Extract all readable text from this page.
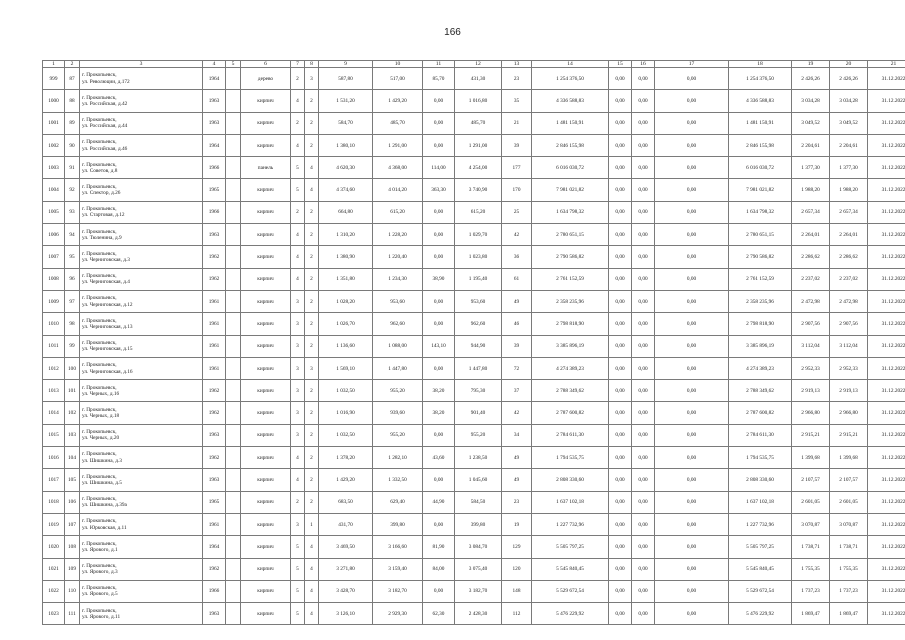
166
1	2	3	4	5	6	7	8	9	10	11	12	13	14	15	16	17	18	19	20	21
999	87	г. Прокопьевск,
ул. Революции, д.172	1964		дерево	2	3	587,80	517,00	85,70	431,30	23	1 254 376,50	0,00	0,00	0,00	1 254 376,50	2 426,26	2 426,26	31.12.2022
1000	88	г. Прокопьевск,
ул. Российская, д.42	1963		кирпич	4	2	1 531,20	1 429,20	0,00	1 016,80	35	4 336 588,83	0,00	0,00	0,00	4 336 588,83	3 034,28	3 034,28	31.12.2022
1001	89	г. Прокопьевск,
ул. Российская, д.44	1963		кирпич	2	2	584,70	485,70	0,00	485,70	21	1 481 150,91	0,00	0,00	0,00	1 481 150,91	3 049,52	3 049,52	31.12.2022
1002	90	г. Прокопьевск,
ул. Российская, д.46	1964		кирпич	4	2	1 380,10	1 291,00	0,00	1 291,00	39	2 846 155,98	0,00	0,00	0,00	2 846 155,98	2 204,61	2 204,61	31.12.2022
1003	91	г. Прокопьевск,
ул. Советов, д.8	1966		панель	5	4	4 620,30	4 368,00	114,00	4 254,00	177	6 016 030,72	0,00	0,00	0,00	6 016 030,72	1 377,30	1 377,30	31.12.2022
1004	92	г. Прокопьевск,
ул. Спектор, д.26	1965		кирпич	5	4	4 374,60	4 014,20	363,30	3 740,90	170	7 981 021,82	0,00	0,00	0,00	7 981 021,82	1 988,20	1 988,20	31.12.2022
1005	93	г. Прокопьевск,
ул. Стартовая, д.12	1966		кирпич	2	2	664,80	615,20	0,00	615,20	25	1 634 798,32	0,00	0,00	0,00	1 634 798,32	2 657,34	2 657,34	31.12.2022
1006	94	г. Прокопьевск,
ул. Тюленина, д.9	1963		кирпич	4	2	1 310,20	1 228,20	0,00	1 029,70	42	2 780 651,15	0,00	0,00	0,00	2 780 651,15	2 264,01	2 264,01	31.12.2022
1007	95	г. Прокопьевск,
ул. Черниговская, д.3	1962		кирпич	4	2	1 380,90	1 220,40	0,00	1 023,80	36	2 790 586,82	0,00	0,00	0,00	2 790 586,82	2 286,62	2 286,62	31.12.2022
1008	96	г. Прокопьевск,
ул. Черниговская, д.4	1962		кирпич	4	2	1 351,80	1 234,30	38,90	1 195,40	61	2 761 152,59	0,00	0,00	0,00	2 761 152,59	2 237,02	2 237,02	31.12.2022
1009	97	г. Прокопьевск,
ул. Черниговская, д.12	1961		кирпич	3	2	1 028,20	953,60	0,00	953,60	49	2 358 235,96	0,00	0,00	0,00	2 358 235,96	2 472,98	2 472,98	31.12.2022
1010	98	г. Прокопьевск,
ул. Черниговская, д.13	1961		кирпич	3	2	1 026,70	962,60	0,00	962,60	46	2 798 818,90	0,00	0,00	0,00	2 798 818,90	2 907,56	2 907,56	31.12.2022
1011	99	г. Прокопьевск,
ул. Черниговская, д.15	1961		кирпич	3	2	1 136,60	1 088,00	143,10	944,90	39	3 385 896,19	0,00	0,00	0,00	3 385 896,19	3 112,04	3 112,04	31.12.2022
1012	100	г. Прокопьевск,
ул. Черниговская, д.16	1961		кирпич	3	3	1 569,10	1 447,80	0,00	1 447,80	72	4 274 389,23	0,00	0,00	0,00	4 274 389,23	2 952,33	2 952,33	31.12.2022
1013	101	г. Прокопьевск,
ул. Черных, д.16	1962		кирпич	3	2	1 032,50	955,20	38,20	795,30	37	2 788 349,62	0,00	0,00	0,00	2 788 349,62	2 919,13	2 919,13	31.12.2022
1014	102	г. Прокопьевск,
ул. Черных, д.18	1962		кирпич	3	2	1 016,90	939,60	38,20	901,40	42	2 787 600,82	0,00	0,00	0,00	2 787 600,82	2 966,80	2 966,80	31.12.2022
1015	103	г. Прокопьевск,
ул. Черных, д.20	1963		кирпич	3	2	1 032,50	955,20	0,00	955,20	34	2 784 611,30	0,00	0,00	0,00	2 784 611,30	2 915,21	2 915,21	31.12.2022
1016	104	г. Прокопьевск,
ул. Шишкина, д.3	1962		кирпич	4	2	1 378,20	1 282,10	43,60	1 238,50	49	1 794 535,75	0,00	0,00	0,00	1 794 535,75	1 399,68	1 399,68	31.12.2022
1017	105	г. Прокопьевск,
ул. Шишкина, д.5	1963		кирпич	4	2	1 429,20	1 332,50	0,00	1 045,60	49	2 808 330,60	0,00	0,00	0,00	2 808 330,60	2 107,57	2 107,57	31.12.2022
1018	106	г. Прокопьевск,
ул. Шишкина, д.39а	1965		кирпич	2	2	683,50	629,40	44,90	584,50	23	1 637 102,18	0,00	0,00	0,00	1 637 102,18	2 601,05	2 601,05	31.12.2022
1019	107	г. Прокопьевск,
ул. Юрковская, д.11	1961		кирпич	3	1	431,70	399,80	0,00	399,80	19	1 227 732,96	0,00	0,00	0,00	1 227 732,96	3 070,87	3 070,87	31.12.2022
1020	108	г. Прокопьевск,
ул. Ярового, д.1	1964		кирпич	5	4	3 469,50	3 166,60	81,90	3 084,70	129	5 505 797,25	0,00	0,00	0,00	5 505 797,25	1 738,71	1 738,71	31.12.2022
1021	109	г. Прокопьевск,
ул. Ярового, д.3	1962		кирпич	5	4	3 271,80	3 159,40	84,00	3 075,40	120	5 545 840,45	0,00	0,00	0,00	5 545 840,45	1 755,35	1 755,35	31.12.2022
1022	110	г. Прокопьевск,
ул. Ярового, д.5	1966		кирпич	5	4	3 428,70	3 182,70	0,00	3 182,70	148	5 529 672,54	0,00	0,00	0,00	5 529 672,54	1 737,23	1 737,23	31.12.2022
1023	111	г. Прокопьевск,
ул. Ярового, д.11	1963		кирпич	5	4	3 126,10	2 929,30	62,30	2 428,30	112	5 476 229,92	0,00	0,00	0,00	5 476 229,92	1 869,47	1 869,47	31.12.2022
